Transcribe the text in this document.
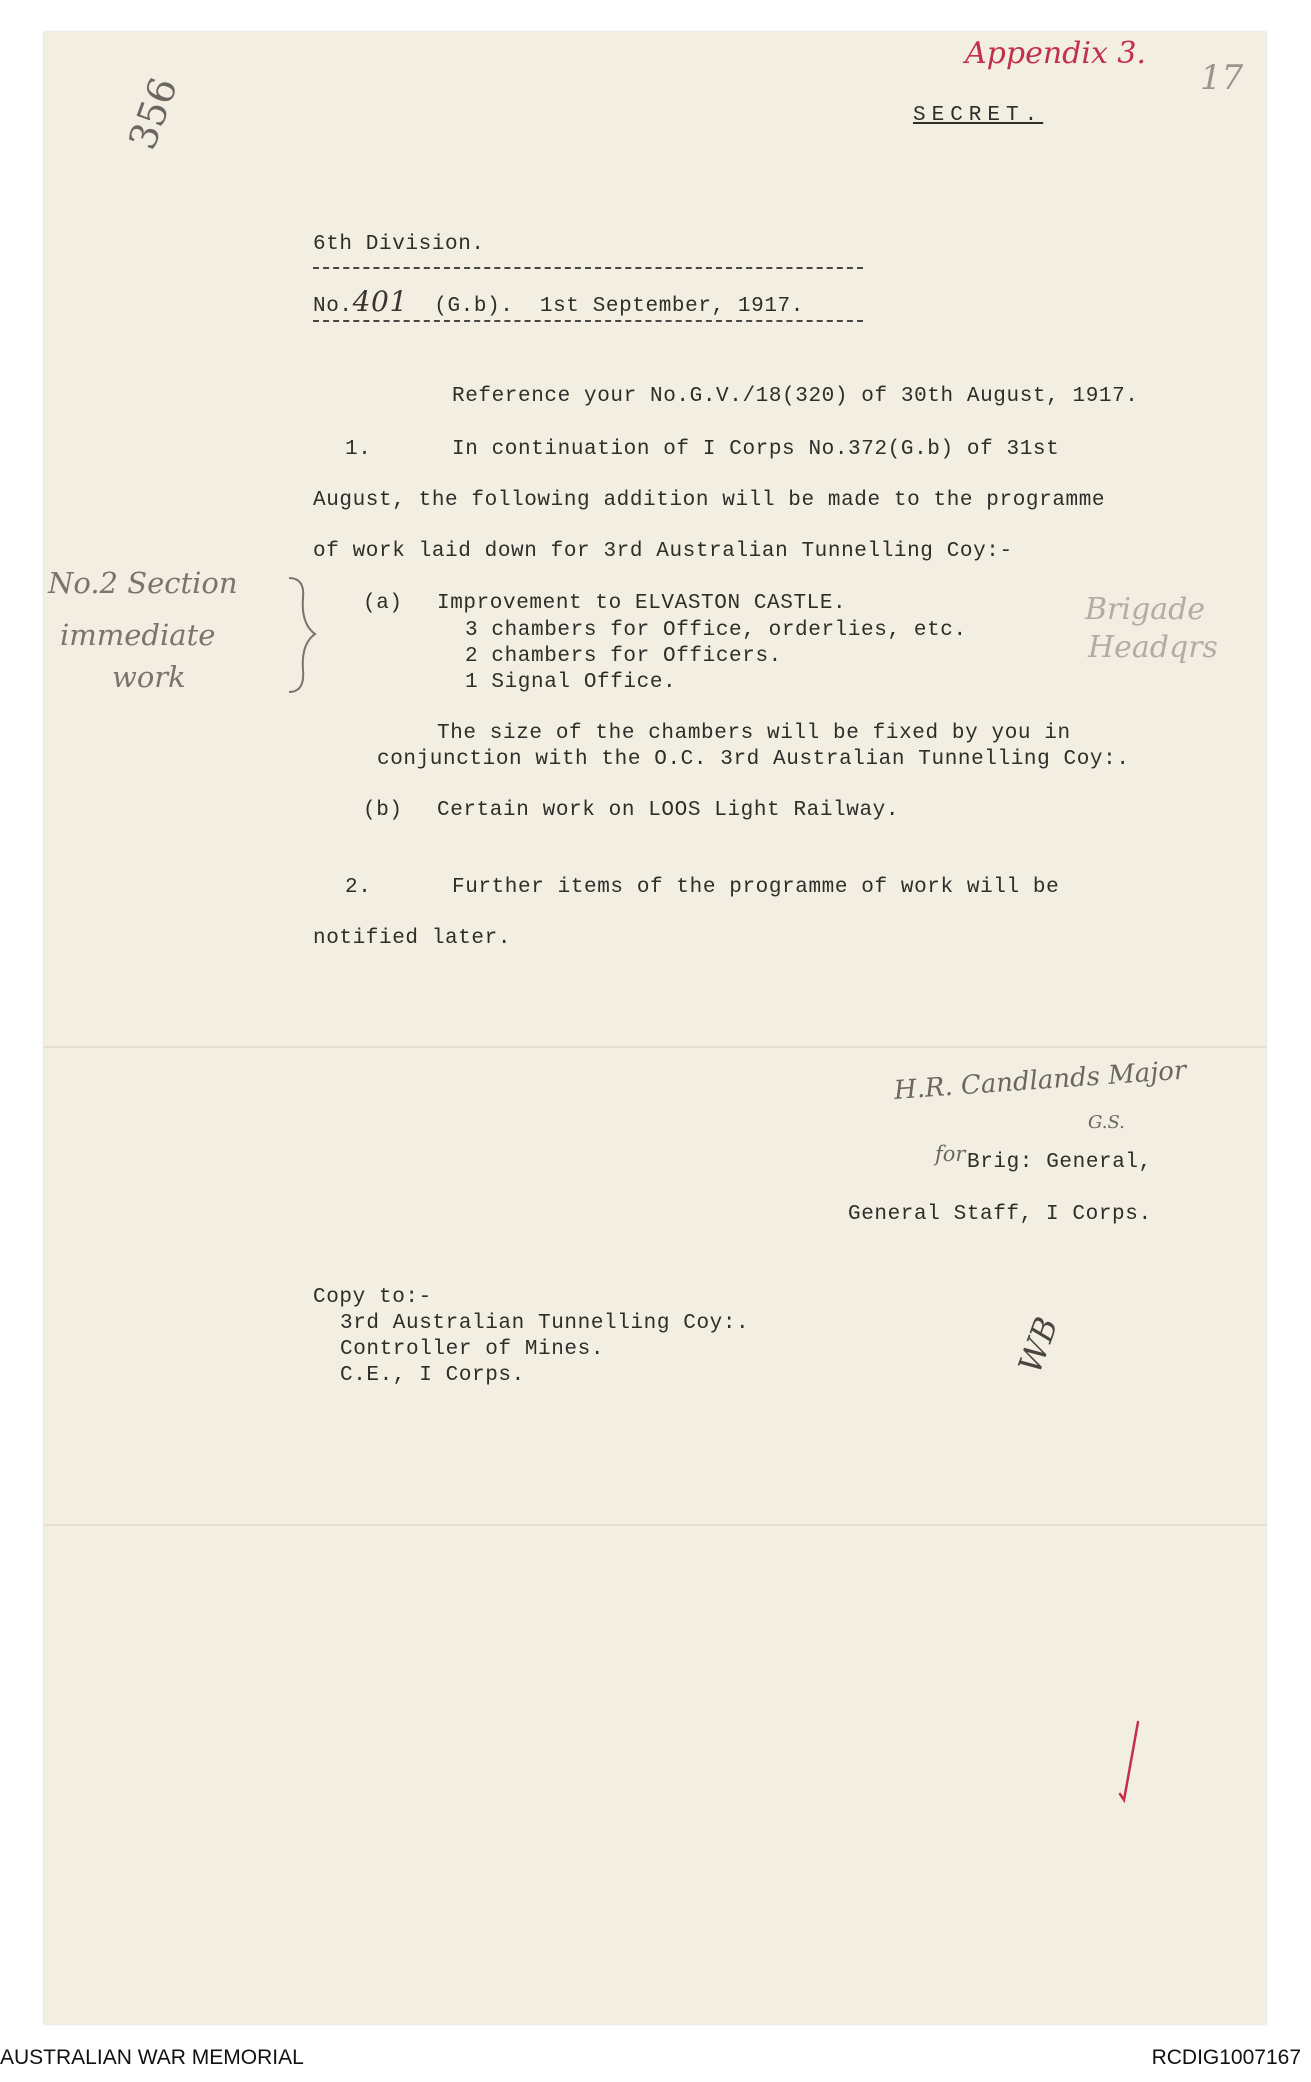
Appendix 3.
17
356	SECRET.
6th Division.
No.401 (G.b). 1st September, 1917.
Reference your No.G.V./18(320) of 30th August, 1917.
1.	In continuation of I Corps No.372(G.b) of 31st
August, the following addition will be made to the programme
of work laid down for 3rd Australian Tunnelling Coy:-
(a) Improvement to ELVASTON CASTLE.
3 chambers for Office, orderlies, etc.
2 chambers for Officers.
1 Signal Office.
The size of the chambers will be fixed by you in
conjunction with the O.C. 3rd Australian Tunnelling Coy:.
(b) Certain work on LOOS Light Railway.
2.	Further items of the programme of work will be
notified later.
No.2 Section
immediate
work
Brigade
Headqrs
H.R. Candlands Major
G.S.
for Brig: General,
General Staff, I Corps.
Copy to:-
3rd Australian Tunnelling Coy:.
Controller of Mines.
C.E., I Corps.	WB
AUSTRALIAN WAR MEMORIAL	RCDIG1007167
